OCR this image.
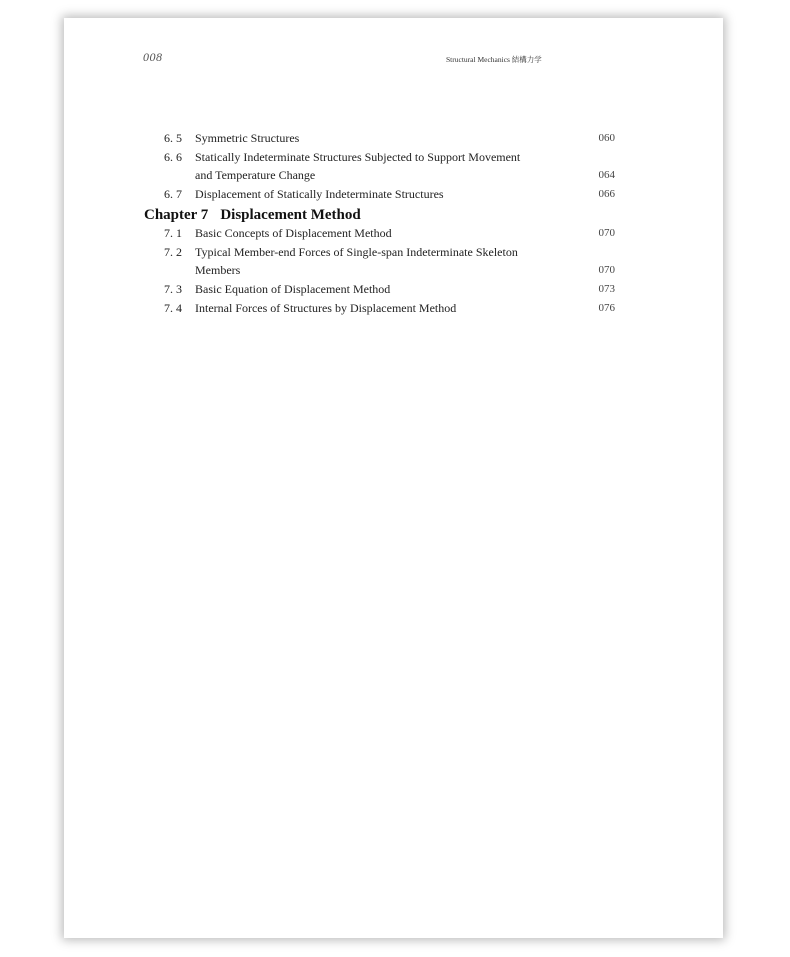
008	Structural Mechanics 結構力学
6. 5	Symmetric Structures	060
6. 6	Statically Indeterminate Structures Subjected to Support Movement
and Temperature Change	064
6. 7	Displacement of Statically Indeterminate Structures	066
Chapter 7 Displacement Method
7. 1	Basic Concepts of Displacement Method	070
7. 2	Typical Member-end Forces of Single-span Indeterminate Skeleton
Members	070
7. 3	Basic Equation of Displacement Method	073
7. 4	Internal Forces of Structures by Displacement Method	076
